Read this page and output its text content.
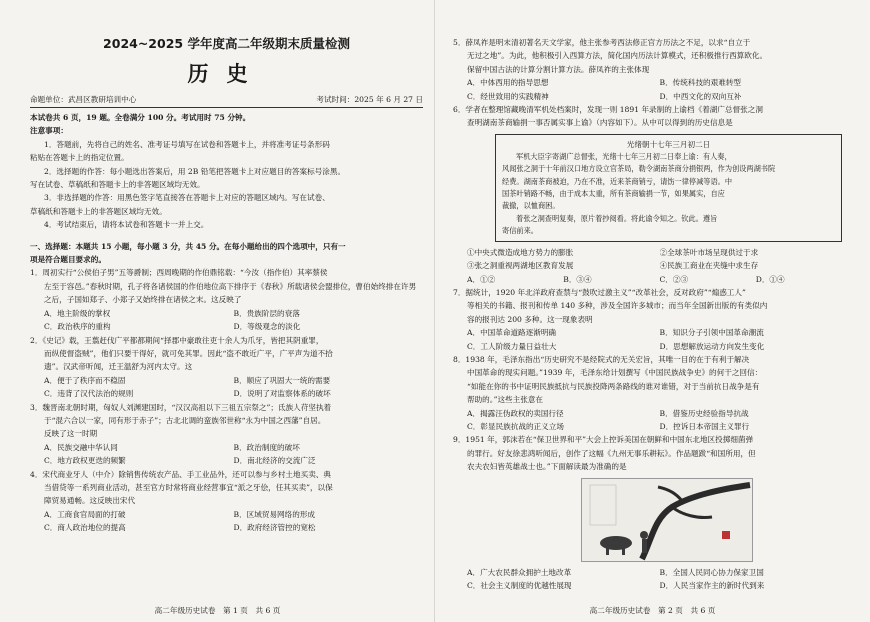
2024~2025 学年度高二年级期末质量检测
历史
命题单位：武昌区教研培训中心	考试时间：2025 年 6 月 27 日
本试卷共 6 页，19 题。全卷满分 100 分。考试用时 75 分钟。
注意事项：
1．答题前，先将自己的姓名、准考证号填写在试卷和答题卡上，并将准考证号条形码
粘贴在答题卡上的指定位置。
2．选择题的作答：每小题选出答案后，用 2B 铅笔把答题卡上对应题目的答案标号涂黑。
写在试卷、草稿纸和答题卡上的非答题区域均无效。
3．非选择题的作答：用黑色签字笔直接答在答题卡上对应的答题区域内。写在试卷、
草稿纸和答题卡上的非答题区域均无效。
4．考试结束后，请将本试卷和答题卡一并上交。
一、选择题：本题共 15 小题，每小题 3 分，共 45 分。在每小题给出的四个选项中，只有一
项是符合题目要求的。
1．周初实行“公侯伯子男”五等爵制；西周晚期的作伯鼎铭载：“今汝（指作伯）其率蔡侯
左至于容邑。”春秋时期，孔子将各诸侯国的作伯地位高下排序于《春秋》所载诸侯会盟排位，曹伯始终排在许男
之后，子国如郑子、小郑子又始终排在诸侯之末。这反映了
A．地主阶级的掌权	B．贵族阶层的衰落
C．政治秩序的重构	D．等级观念的淡化
2．《史记》载，王翦赶伐广平都都期间“择郡中豪敢往吏十余人为爪牙，皆把其阴重罪，
而纵使督盗贼”，他们只要干得好，就可免其罪。因此“盗不敢近广平，广平声为道不拾
遗”。汉武帝听闻，迁王温舒为河内太守。这
A．便于了秩序而不稳固	B．顺应了巩固大一统的需要
C．违背了汉代法治的规则	D．说明了对监察体系的破坏
3．魏晋南北朝时期，匈奴人刘渊建国时，“汉汉高祖以下三祖五宗祭之”；氐族人苻坚执着
于“混六合以一家，同有形于赤子”；古北北调的蛮族邻世称“永为中国之西藩”自居。
反映了这一时期
A．民族交融中华认同	B．政治制度的破坏
C．地方政权更迭的频繁	D．南北经济的交流广泛
4．宋代商业牙人（中介）除销售传统农产品、手工业品外，还可以参与乡村土地买卖、典
当借贷等一系列商业活动，甚至官方时常将商业经营事宜“派之牙侩，任其买卖”，以保
障贸易通畅。这反映出宋代
A．工商食官局面的打破	B．区域贸易网络的形成
C．商人政治地位的提高	D．政府经济管控的宽松
高二年级历史试卷　第 1 页　共 6 页
5．薛凤祚是明末清初著名天文学家，他主张参考西法修正官方历法之不足，以求“自立于
无过之地”。为此，他积极引入西算方法，简化国内历法计算模式，还积极推行西算欧化。
保留中国古法的计算分割计算方法。薛凤祚的主张体现
A．中体西用的指导思想	B．传统科技的艰难转型
C．经世致用的实践精神	D．中西文化的双向互补
6．学者在整理馆藏晚清军机处档案时，发现一则 1891 年录制的上谕档《着湖广总督张之洞
查明湖南茶商输捐一事否属实事上谕》（内容如下）。从中可以得到的历史信息是
光绪朝十七年三月初二日
军机大臣字寄湖广总督张，光绪十七年三月初二日奉上谕：有人奏，
风闻张之洞于十年前汉口地方设立官茶局，勒令湖南茶商分捐银两，作为创设两湖书院
经费。湖南茶商被迫，乃在不准，近来茶商销亏，请饬一律停减等语。中
国茶叶销路不畅，由于成本太重，所有茶商输捐一节，如果属实，自应
裁撤，以恤商困。
着张之洞查明复奏，原片着抄阅看。将此谕令知之。钦此。遵旨
寄信前来。
①中央式微造成地方势力的膨胀	②全球茶叶市场呈现供过于求
③张之洞重视两湖地区教育发展	④民族工商业在夹缝中求生存
A．①②	B．③④	C．②③	D．①④
7．据统计，1920 年北洋政府查禁与“鼓吹过激主义”“改革社会，反对政府”“煽惑工人”
等相关的书籍、报刊和传单 140 多种，涉及全国许多城市；而当年全国新出版的有类似内
容的报刊达 200 多种。这一现象表明
A．中国革命道路逐渐明确	B．知识分子引领中国革命潮流
C．工人阶级力量日益壮大	D．思想解放运动方向发生变化
8．1938 年，毛泽东指出“历史研究不是经院式的无关宏旨，其唯一目的在于有利于解决
中国革命的现实问题。”1939 年，毛泽东给计划撰写《中国民族战争史》的何干之回信：
“如能在你的书中证明民族抵抗与民族投降两条路线的谁对谁错，对于当前抗日战争是有
帮助的。”这些主张意在
A．揭露汪伪政权的卖国行径	B．借鉴历史经验指导抗战
C．彰显民族抗战的正义立场	D．控诉日本帝国主义罪行
9．1951 年，郭沫若在“保卫世界和平”大会上控诉美国在朝鲜和中国东北地区投掷细菌弹
的罪行。好友徐悲鸿听闻后，创作了这幅《九州无事乐耕耘》。作品题跋“和国所用，但
农夫农妇皆英雄战士也。”下面解读最为准确的是
A．广大农民群众拥护土地改革	B．全国人民同心协力保家卫国
C．社会主义制度的优越性展现	D．人民当家作主的新时代到来
高二年级历史试卷　第 2 页　共 6 页
